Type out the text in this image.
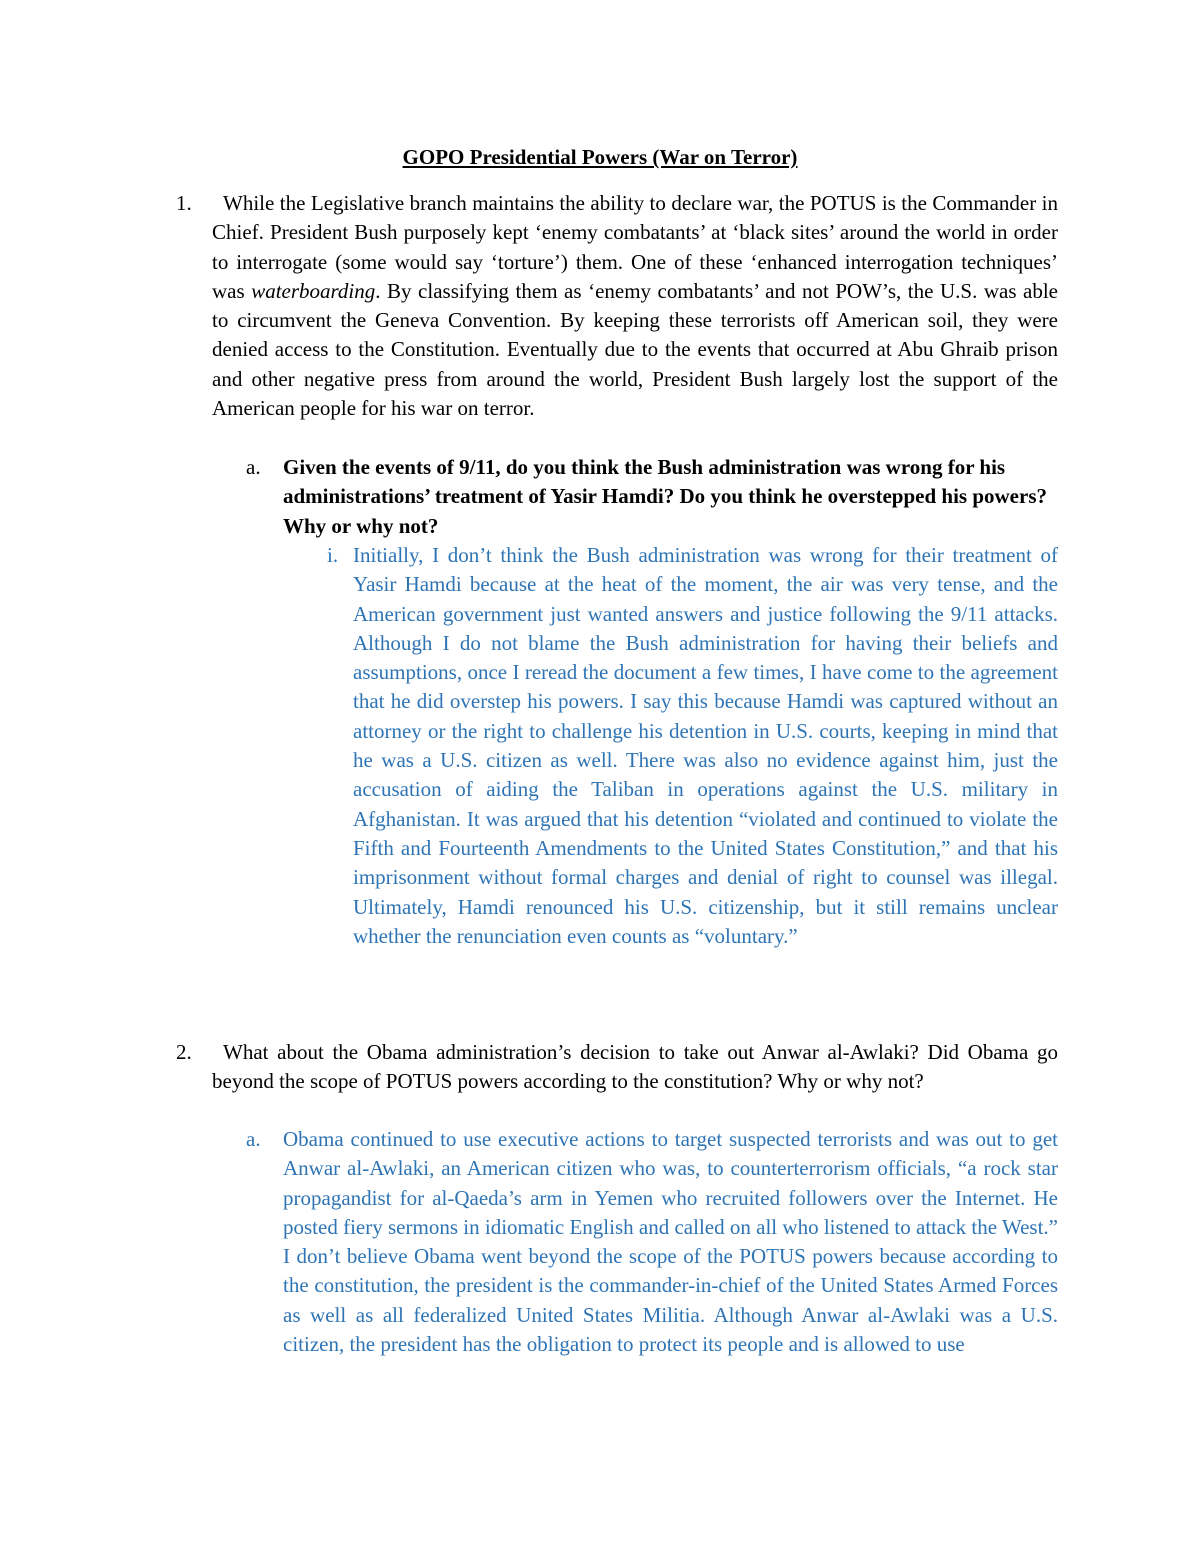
GOPO Presidential Powers (War on Terror)
1.	While the Legislative branch maintains the ability to declare war, the POTUS is the Commander in Chief. President Bush purposely kept ‘enemy combatants’ at ‘black sites’ around the world in order to interrogate (some would say ‘torture’) them. One of these ‘enhanced interrogation techniques’ was waterboarding. By classifying them as ‘enemy combatants’ and not POW’s, the U.S. was able to circumvent the Geneva Convention. By keeping these terrorists off American soil, they were denied access to the Constitution. Eventually due to the events that occurred at Abu Ghraib prison and other negative press from around the world, President Bush largely lost the support of the American people for his war on terror.
a. Given the events of 9/11, do you think the Bush administration was wrong for his administrations’ treatment of Yasir Hamdi? Do you think he overstepped his powers? Why or why not?
i. Initially, I don’t think the Bush administration was wrong for their treatment of Yasir Hamdi because at the heat of the moment, the air was very tense, and the American government just wanted answers and justice following the 9/11 attacks. Although I do not blame the Bush administration for having their beliefs and assumptions, once I reread the document a few times, I have come to the agreement that he did overstep his powers. I say this because Hamdi was captured without an attorney or the right to challenge his detention in U.S. courts, keeping in mind that he was a U.S. citizen as well. There was also no evidence against him, just the accusation of aiding the Taliban in operations against the U.S. military in Afghanistan. It was argued that his detention “violated and continued to violate the Fifth and Fourteenth Amendments to the United States Constitution,” and that his imprisonment without formal charges and denial of right to counsel was illegal. Ultimately, Hamdi renounced his U.S. citizenship, but it still remains unclear whether the renunciation even counts as “voluntary.”
2.	What about the Obama administration’s decision to take out Anwar al-Awlaki? Did Obama go beyond the scope of POTUS powers according to the constitution? Why or why not?
a. Obama continued to use executive actions to target suspected terrorists and was out to get Anwar al-Awlaki, an American citizen who was, to counterterrorism officials, “a rock star propagandist for al-Qaeda’s arm in Yemen who recruited followers over the Internet. He posted fiery sermons in idiomatic English and called on all who listened to attack the West.” I don’t believe Obama went beyond the scope of the POTUS powers because according to the constitution, the president is the commander-in-chief of the United States Armed Forces as well as all federalized United States Militia. Although Anwar al-Awlaki was a U.S. citizen, the president has the obligation to protect its people and is allowed to use
